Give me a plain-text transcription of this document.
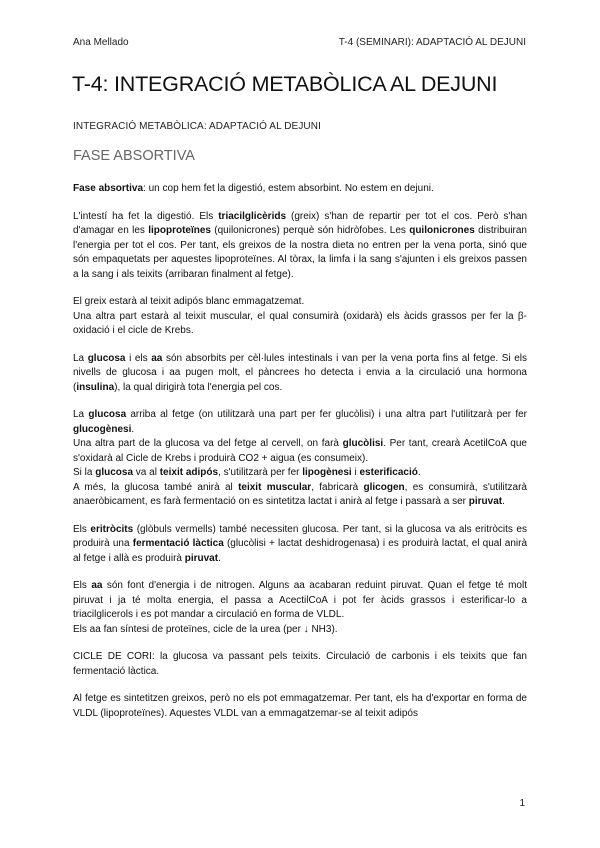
Ana Mellado	T-4 (SEMINARI): ADAPTACIÓ AL DEJUNI
T-4: INTEGRACIÓ METABÒLICA AL DEJUNI
INTEGRACIÓ METABÒLICA: ADAPTACIÓ AL DEJUNI
FASE ABSORTIVA

Fase absortiva: un cop hem fet la digestió, estem absorbint. No estem en dejuni.

L'intestí ha fet la digestió. Els triacilglicèrids (greix) s'han de repartir per tot el cos. Però s'han d'amagar en les lipoproteïnes (quilonicrones) perquè són hidròfobes. Les quilonicrones distribuiran l'energia per tot el cos. Per tant, els greixos de la nostra dieta no entren per la vena porta, sinó que són empaquetats per aquestes lipoproteïnes. Al tòrax, la limfa i la sang s'ajunten i els greixos passen a la sang i als teixits (arribaran finalment al fetge).

El greix estarà al teixit adipós blanc emmagatzemat.
Una altra part estarà al teixit muscular, el qual consumirà (oxidarà) els àcids grassos per fer la β-oxidació i el cicle de Krebs.

La glucosa i els aa són absorbits per cèl·lules intestinals i van per la vena porta fins al fetge. Si els nivells de glucosa i aa pugen molt, el pàncrees ho detecta i envia a la circulació una hormona (insulina), la qual dirigirà tota l'energia pel cos.

La glucosa arriba al fetge (on utilitzarà una part per fer glucòlisi) i una altra part l'utilitzarà per fer glucogènesi.
Una altra part de la glucosa va del fetge al cervell, on farà glucòlisi. Per tant, crearà AcetilCoA que s'oxidarà al Cicle de Krebs i produirà CO2 + aigua (es consumeix).
Si la glucosa va al teixit adipós, s'utilitzarà per fer lipogènesi i esterificació.
A més, la glucosa també anirà al teixit muscular, fabricarà glicogen, es consumirà, s'utilitzarà anaeròbicament, es farà fermentació on es sintetitza lactat i anirà al fetge i passarà a ser piruvat.

Els eritròcits (glòbuls vermells) també necessiten glucosa. Per tant, si la glucosa va als eritròcits es produirà una fermentació làctica (glucòlisi + lactat deshidrogenasa) i es produirà lactat, el qual anirà al fetge i allà es produirà piruvat.

Els aa són font d'energia i de nitrogen. Alguns aa acabaran reduint piruvat. Quan el fetge té molt piruvat i ja té molta energia, el passa a AcectilCoA i pot fer àcids grassos i esterificar-lo a triacilglicerols i es pot mandar a circulació en forma de VLDL.
Els aa fan síntesi de proteïnes, cicle de la urea (per ↓ NH3).

CICLE DE CORI: la glucosa va passant pels teixits. Circulació de carbonis i els teixits que fan fermentació làctica.

Al fetge es sintetitzen greixos, però no els pot emmagatzemar. Per tant, els ha d'exportar en forma de VLDL (lipoproteïnes). Aquestes VLDL van a emmagatzemar-se al teixit adipós

1
